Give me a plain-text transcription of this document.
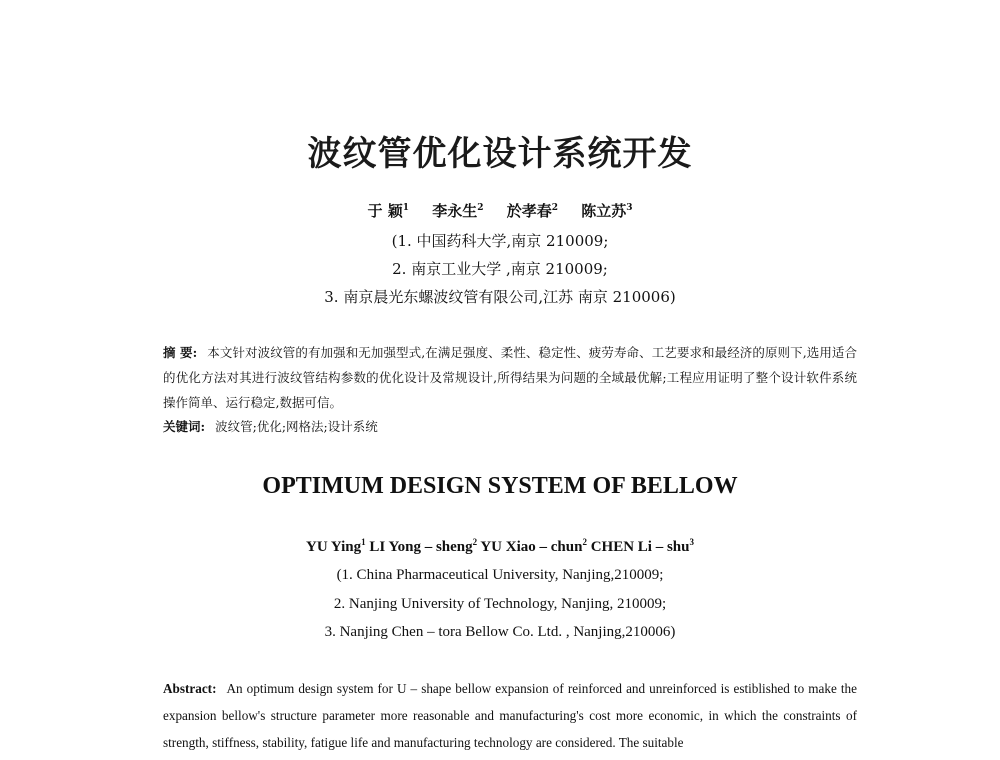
波纹管优化设计系统开发
于 颖$^1$ 李永生$^2$ 於孝春$^2$ 陈立苏$^3$
(1. 中国药科大学,南京 210009;
2. 南京工业大学 ,南京 210009;
3. 南京晨光东螺波纹管有限公司,江苏 南京 210006)
摘 要: 本文针对波纹管的有加强和无加强型式,在满足强度、柔性、稳定性、疲劳寿命、工艺要求和最经济的原则下,选用适合的优化方法对其进行波纹管结构参数的优化设计及常规设计,所得结果为问题的全域最优解;工程应用证明了整个设计软件系统操作简单、运行稳定,数据可信。
关键词: 波纹管;优化;网格法;设计系统
OPTIMUM DESIGN SYSTEM OF BELLOW
YU Ying$^1$ LI Yong – sheng$^2$ YU Xiao – chun$^2$ CHEN Li – shu$^3$
(1. China Pharmaceutical University, Nanjing,210009;
2. Nanjing University of Technology, Nanjing, 210009;
3. Nanjing Chen – tora Bellow Co. Ltd. , Nanjing,210006)
Abstract: An optimum design system for U – shape bellow expansion of reinforced and unreinforced is estiblished to make the expansion bellow's structure parameter more reasonable and manufacturing's cost more economic, in which the constraints of strength, stiffness, stability, fatigue life and manufacturing technology are considered. The suitable
